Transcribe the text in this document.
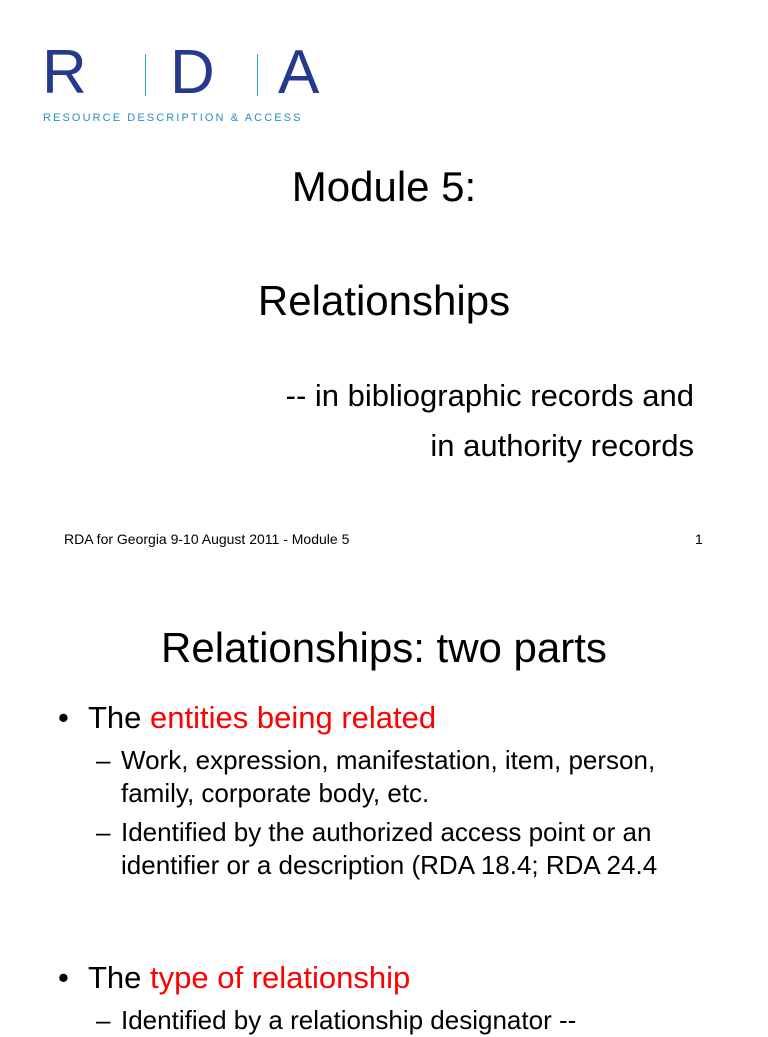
R D A
RESOURCE DESCRIPTION & ACCESS
Module 5:
Relationships
-- in bibliographic records and
in authority records
RDA for Georgia 9-10 August 2011 - Module 5	1
Relationships: two parts
• The entities being related
– Work, expression, manifestation, item, person, family, corporate body, etc.
– Identified by the authorized access point or an identifier or a description (RDA 18.4; RDA 24.4
• The type of relationship
– Identified by a relationship designator --
